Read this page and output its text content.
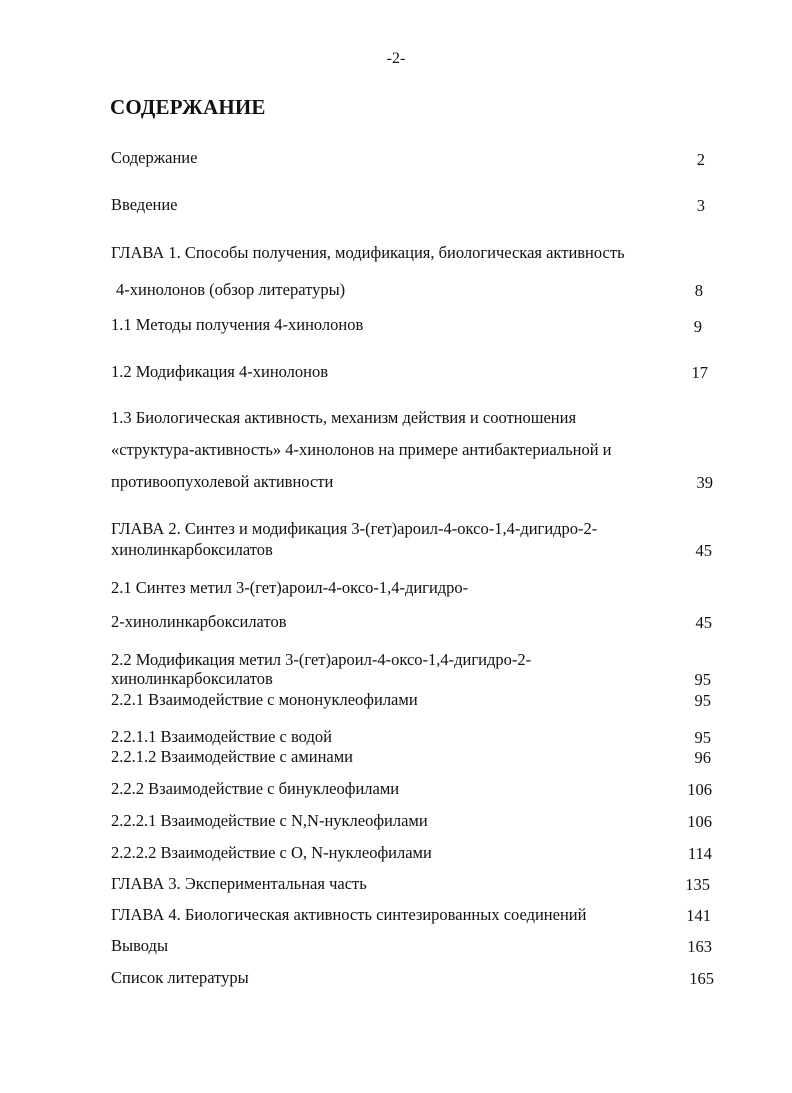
-2-
СОДЕРЖАНИЕ
Содержание	2
Введение	3
ГЛАВА 1. Способы получения, модификация, биологическая активность
4-хинолонов (обзор литературы)	8
1.1 Методы получения 4-хинолонов	9
1.2 Модификация 4-хинолонов	17
1.3 Биологическая активность, механизм действия и соотношения
«структура-активность» 4-хинолонов на примере антибактериальной и
противоопухолевой активности	39
ГЛАВА 2. Синтез и модификация 3-(гет)ароил-4-оксо-1,4-дигидро-2-
хинолинкарбоксилатов	45
2.1 Синтез метил 3-(гет)ароил-4-оксо-1,4-дигидро-
2-хинолинкарбоксилатов	45
2.2 Модификация метил 3-(гет)ароил-4-оксо-1,4-дигидро-2-
хинолинкарбоксилатов	95
2.2.1 Взаимодействие с мононуклеофилами	95
2.2.1.1 Взаимодействие с водой	95
2.2.1.2 Взаимодействие с аминами	96
2.2.2 Взаимодействие с бинуклеофилами	106
2.2.2.1 Взаимодействие с N,N-нуклеофилами	106
2.2.2.2 Взаимодействие с О, N-нуклеофилами	114
ГЛАВА 3. Экспериментальная часть	135
ГЛАВА 4. Биологическая активность синтезированных соединений	141
Выводы	163
Список литературы	165
